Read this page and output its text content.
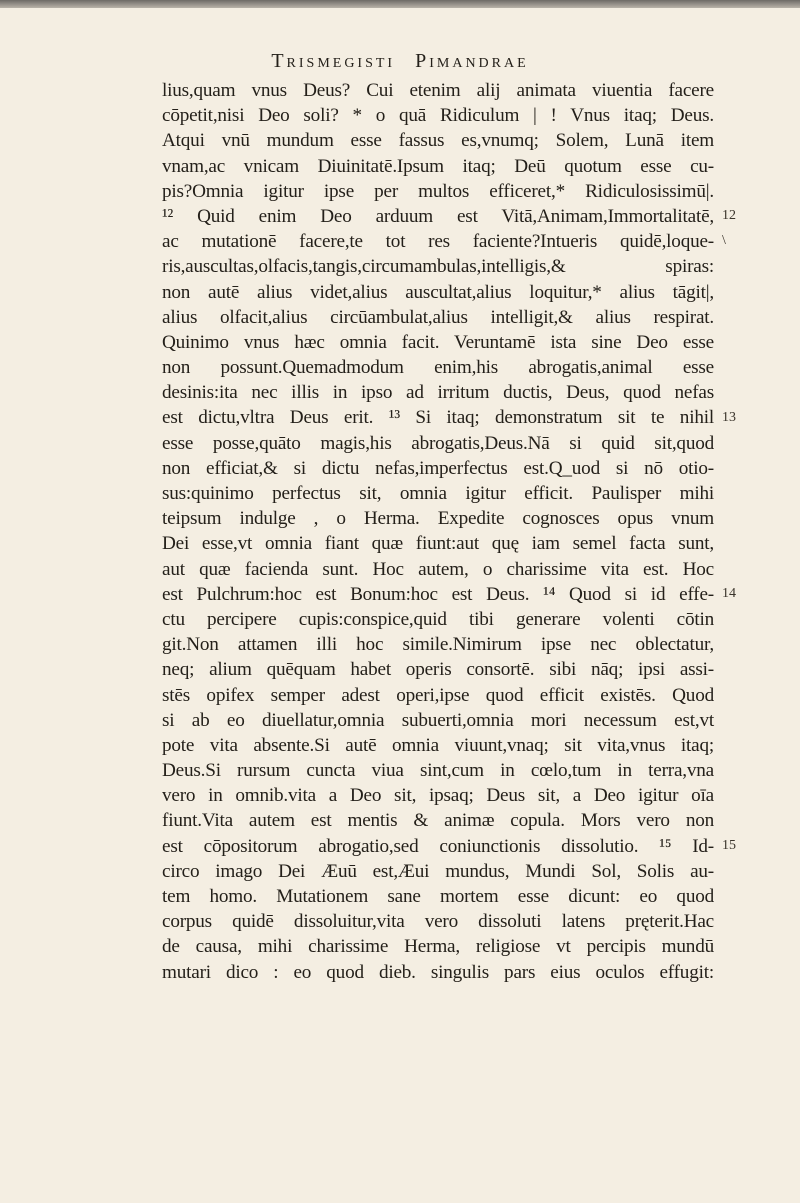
Trismegisti Pimandrae
lius,quam vnus Deus? Cui etenim alij animata viuentia facere
cōpetit,nisi Deo soli? * o quā Ridiculum | ! Vnus itaq; Deus.
Atqui vnū mundum esse fassus es,vnumq; Solem, Lunā item
vnam,ac vnicam Diuinitatē.Ipsum itaq; Deū quotum esse cu-
pis?Omnia igitur ipse per multos efficeret,* Ridiculosissimū|.
¹² Quid enim Deo arduum est Vitā,Animam,Immortalitatē,
ac mutationē facere,te tot res faciente?Intueris quidē,loque-
ris,auscultas,olfacis,tangis,circumambulas,intelligis,& spiras:
non autē alius videt,alius auscultat,alius loquitur,* alius tāgit|,
alius olfacit,alius circūambulat,alius intelligit,& alius respirat.
Quinimo vnus hæc omnia facit. Veruntamē ista sine Deo esse
non possunt.Quemadmodum enim,his abrogatis,animal esse
desinis:ita nec illis in ipso ad irritum ductis, Deus, quod nefas
est dictu,vltra Deus erit. ¹³ Si itaq; demonstratum sit te nihil
esse posse,quāto magis,his abrogatis,Deus.Nā si quid sit,quod
non efficiat,& si dictu nefas,imperfectus est.Q_uod si nō otio-
sus:quinimo perfectus sit, omnia igitur efficit. Paulisper mihi
teipsum indulge , o Herma. Expedite cognosces opus vnum
Dei esse,vt omnia fiant quæ fiunt:aut quę iam semel facta sunt,
aut quæ facienda sunt. Hoc autem, o charissime vita est. Hoc
est Pulchrum:hoc est Bonum:hoc est Deus. ¹⁴ Quod si id effe-
ctu percipere cupis:conspice,quid tibi generare volenti cōtin
git.Non attamen illi hoc simile.Nimirum ipse nec oblectatur,
neq; alium quēquam habet operis consortē. sibi nāq; ipsi assi-
stēs opifex semper adest operi,ipse quod efficit existēs. Quod
si ab eo diuellatur,omnia subuerti,omnia mori necessum est,vt
pote vita absente.Si autē omnia viuunt,vnaq; sit vita,vnus itaq;
Deus.Si rursum cuncta viua sint,cum in cœlo,tum in terra,vna
vero in omnib.vita a Deo sit, ipsaq; Deus sit, a Deo igitur oīa
fiunt.Vita autem est mentis & animæ copula. Mors vero non
est cōpositorum abrogatio,sed coniunctionis dissolutio. ¹⁵ Id-
circo imago Dei Æuū est,Æui mundus, Mundi Sol, Solis au-
tem homo. Mutationem sane mortem esse dicunt: eo quod
corpus quidē dissoluitur,vita vero dissoluti latens pręterit.Hac
de causa, mihi charissime Herma, religiose vt percipis mundū
mutari dico : eo quod dieb. singulis pars eius oculos effugit:
12
\
13
14
15
